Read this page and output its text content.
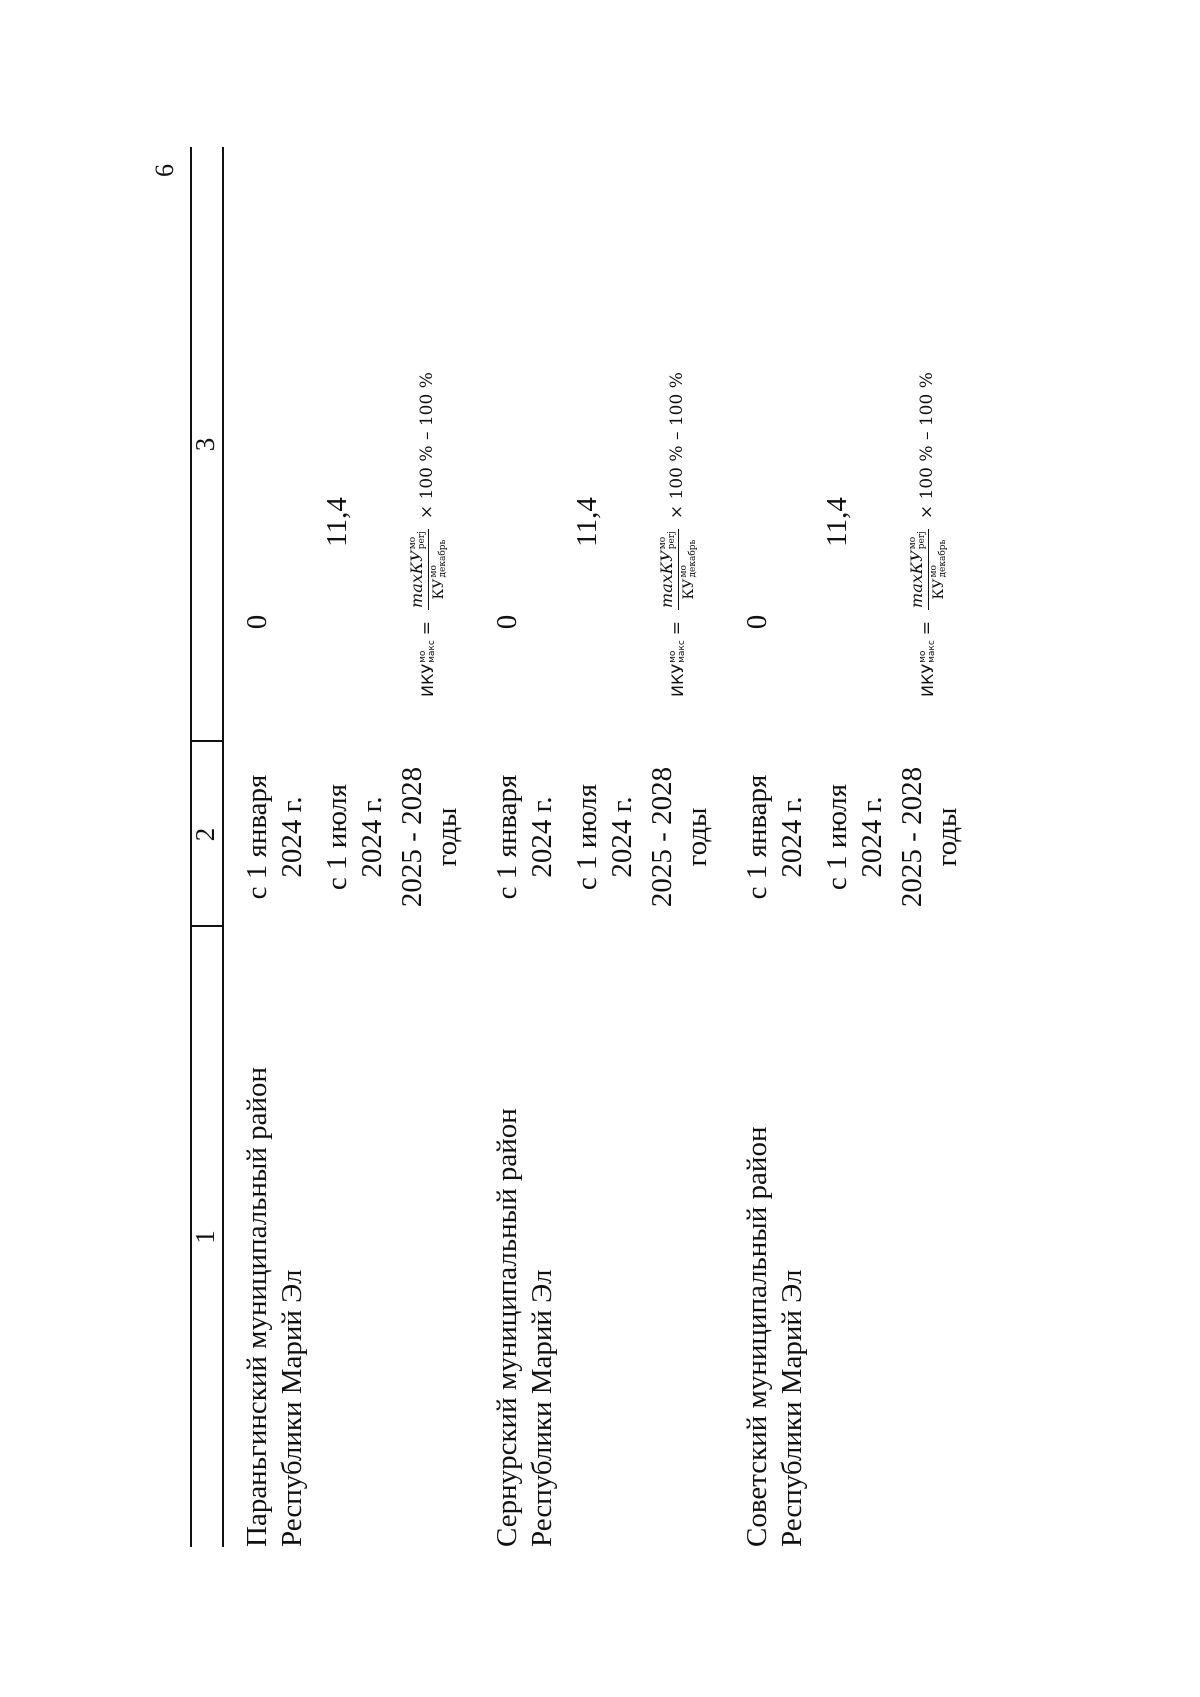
6
1
2
3
Параньгинский муниципальный район Республики Марий Эл
с 1 января 2024 г.
0
с 1 июля 2024 г.
11,4
2025 - 2028 годы
ИКУ
мо макс
=
maxКУ
мо perj
КУ
мо декабрь
× 100 % – 100 %
Сернурский муниципальный район Республики Марий Эл
с 1 января 2024 г.
0
с 1 июля 2024 г.
11,4
2025 - 2028 годы
ИКУ
мо макс
=
maxКУ
мо perj
КУ
мо декабрь
× 100 % – 100 %
Советский муниципальный район Республики Марий Эл
с 1 января 2024 г.
0
с 1 июля 2024 г.
11,4
2025 - 2028 годы
ИКУ
мо макс
=
maxКУ
мо perj
КУ
мо декабрь
× 100 % – 100 %
